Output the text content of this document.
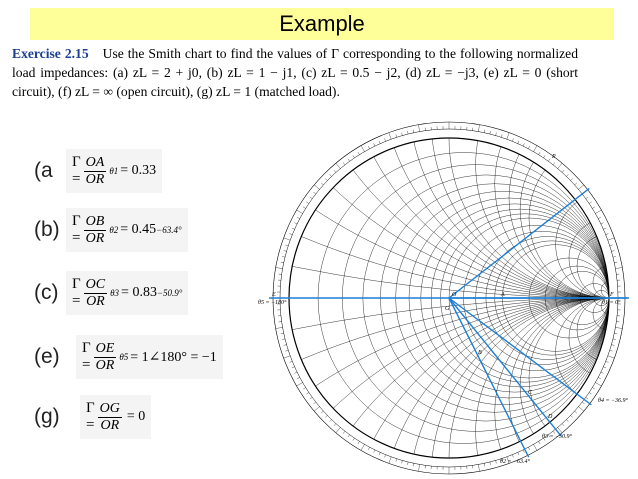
Example
Exercise 2.15 Use the Smith chart to find the values of Γ corresponding to the following normalized load impedances: (a) zL = 2 + j0, (b) zL = 1 − j1, (c) zL = 0.5 − j2, (d) zL = −j3, (e) zL = 0 (short circuit), (f) zL = ∞ (open circuit), (g) zL = 1 (matched load).
(a $\Gamma = \frac{OA}{OR} \theta 1 = 0.33$
(b) $\Gamma = \frac{OB}{OR} \theta 2 = 0.45 -63.4^\circ$
(c) $\Gamma = \frac{OC}{OR} \theta 3 = 0.83 -50.9^\circ$
(e) $\Gamma = \frac{OE}{OR} \theta 5$ = 1∠180° = −1
(g) $\Gamma = \frac{OG}{OR} = 0$
θ5 = −180°	θ1 = 0°
θ4 = −36.9°
θ3 = −50.9°
θ2 = −63.4°
O	A
E	F
G
B
C
D
R
